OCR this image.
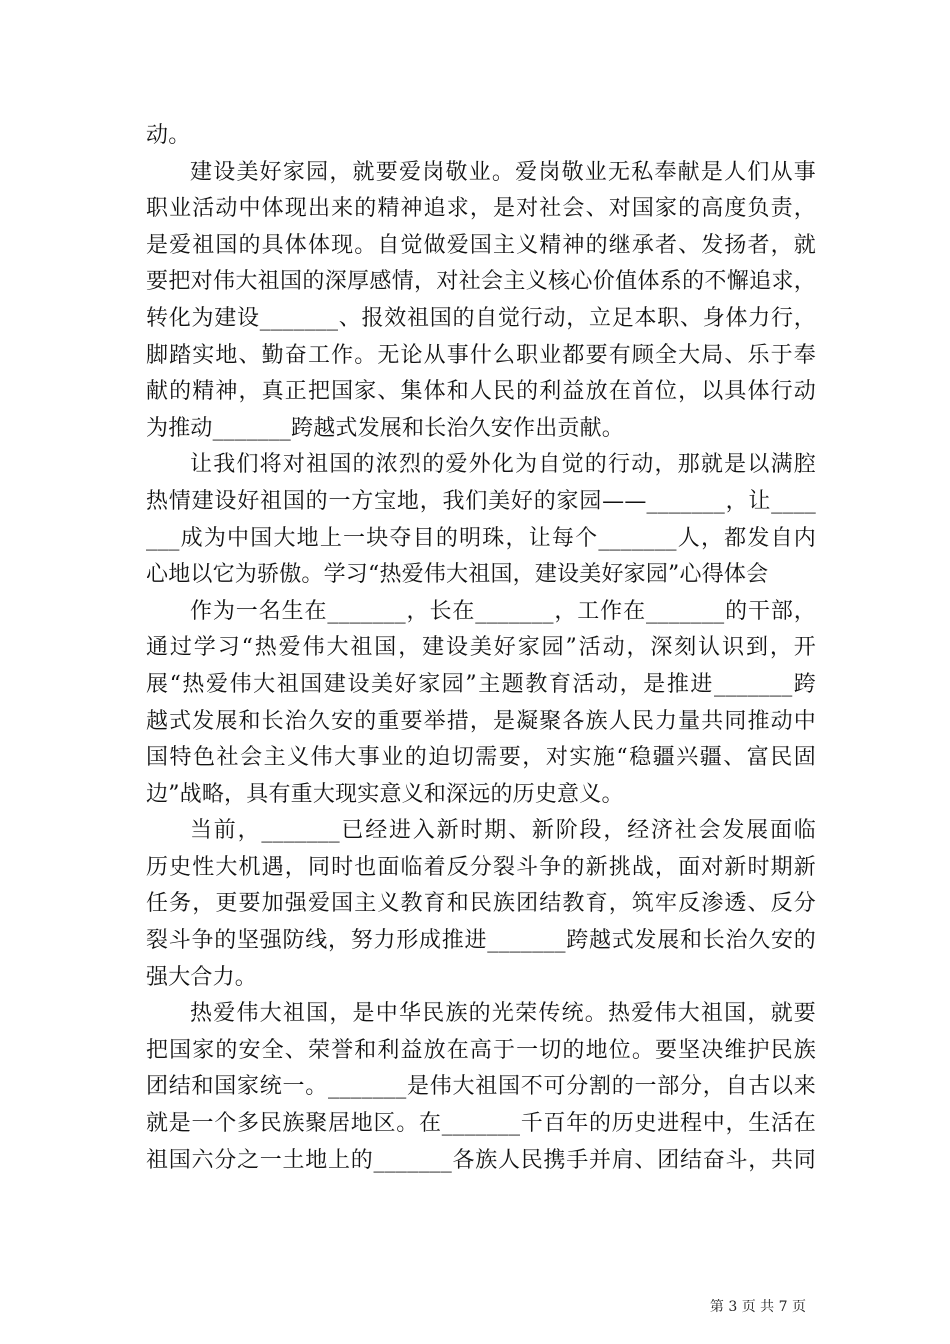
动。
建设美好家园，就要爱岗敬业。爱岗敬业无私奉献是人们从事
职业活动中体现出来的精神追求，是对社会、对国家的高度负责，
是爱祖国的具体体现。自觉做爱国主义精神的继承者、发扬者，就
要把对伟大祖国的深厚感情，对社会主义核心价值体系的不懈追求，
转化为建设_______、报效祖国的自觉行动，立足本职、身体力行，
脚踏实地、勤奋工作。无论从事什么职业都要有顾全大局、乐于奉
献的精神，真正把国家、集体和人民的利益放在首位，以具体行动
为推动_______跨越式发展和长治久安作出贡献。
让我们将对祖国的浓烈的爱外化为自觉的行动，那就是以满腔
热情建设好祖国的一方宝地，我们美好的家园——_______，让____
___成为中国大地上一块夺目的明珠，让每个_______人，都发自内
心地以它为骄傲。学习“热爱伟大祖国，建设美好家园”心得体会
作为一名生在_______，长在_______，工作在_______的干部，
通过学习“热爱伟大祖国，建设美好家园”活动，深刻认识到，开
展“热爱伟大祖国建设美好家园”主题教育活动，是推进_______跨
越式发展和长治久安的重要举措，是凝聚各族人民力量共同推动中
国特色社会主义伟大事业的迫切需要，对实施“稳疆兴疆、富民固
边”战略，具有重大现实意义和深远的历史意义。
当前，_______已经进入新时期、新阶段，经济社会发展面临
历史性大机遇，同时也面临着反分裂斗争的新挑战，面对新时期新
任务，更要加强爱国主义教育和民族团结教育，筑牢反渗透、反分
裂斗争的坚强防线，努力形成推进_______跨越式发展和长治久安的
强大合力。
热爱伟大祖国，是中华民族的光荣传统。热爱伟大祖国，就要
把国家的安全、荣誉和利益放在高于一切的地位。要坚决维护民族
团结和国家统一。_______是伟大祖国不可分割的一部分，自古以来
就是一个多民族聚居地区。在_______千百年的历史进程中，生活在
祖国六分之一土地上的_______各族人民携手并肩、团结奋斗，共同
第 3 页 共 7 页
